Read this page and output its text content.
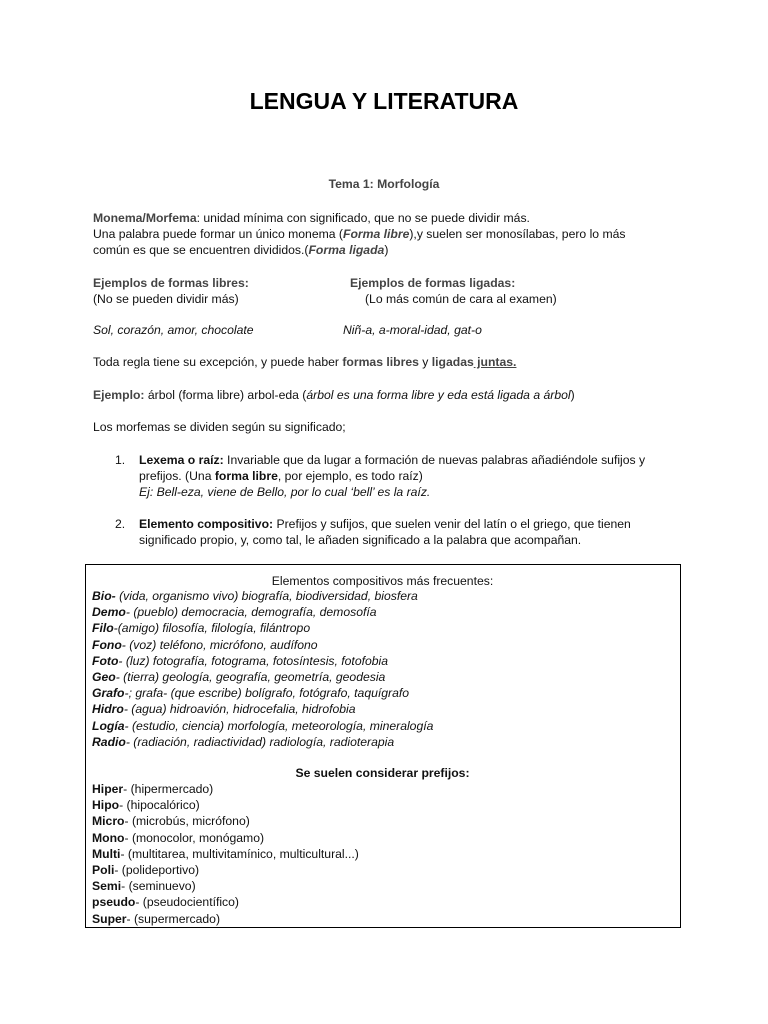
LENGUA Y LITERATURA
Tema 1: Morfología
Monema/Morfema: unidad mínima con significado, que no se puede dividir más.
Una palabra puede formar un único monema (Forma libre),y suelen ser monosílabas, pero lo más
común es que se encuentren divididos.(Forma ligada)
Ejemplos de formas libres:
(No se pueden dividir más)
Sol, corazón, amor, chocolate
Ejemplos de formas ligadas:
(Lo más común de cara al examen)
Niñ-a, a-moral-idad, gat-o
Toda regla tiene su excepción, y puede haber formas libres y ligadas juntas.
Ejemplo: árbol (forma libre) arbol-eda (árbol es una forma libre y eda está ligada a árbol)
Los morfemas se dividen según su significado;
1. Lexema o raíz: Invariable que da lugar a formación de nuevas palabras añadiéndole sufijos y
prefijos. (Una forma libre, por ejemplo, es todo raíz)
Ej: Bell-eza, viene de Bello, por lo cual ‘bell’ es la raíz.
2. Elemento compositivo: Prefijos y sufijos, que suelen venir del latín o el griego, que tienen
significado propio, y, como tal, le añaden significado a la palabra que acompañan.
Elementos compositivos más frecuentes:
Bio- (vida, organismo vivo) biografía, biodiversidad, biosfera
Demo- (pueblo) democracia, demografía, demosofía
Filo-(amigo) filosofía, filología, filántropo
Fono- (voz) teléfono, micrófono, audífono
Foto- (luz) fotografía, fotograma, fotosíntesis, fotofobia
Geo- (tierra) geología, geografía, geometría, geodesia
Grafo-; grafa- (que escribe) bolígrafo, fotógrafo, taquígrafo
Hidro- (agua) hidroavión, hidrocefalia, hidrofobia
Logía- (estudio, ciencia) morfología, meteorología, mineralogía
Radio- (radiación, radiactividad) radiología, radioterapia
Se suelen considerar prefijos:
Hiper- (hipermercado)
Hipo- (hipocalórico)
Micro- (microbús, micrófono)
Mono- (monocolor, monógamo)
Multi- (multitarea, multivitamínico, multicultural...)
Poli- (polideportivo)
Semi- (seminuevo)
pseudo- (pseudocientífico)
Super- (supermercado)
